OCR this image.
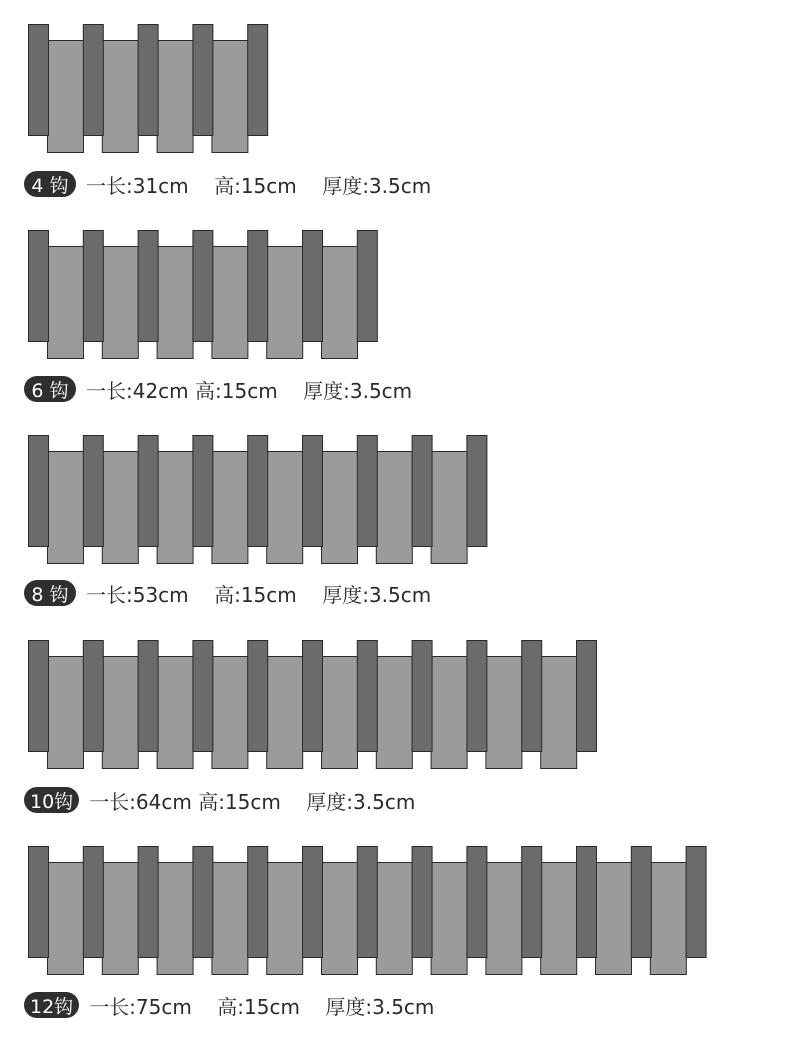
4 钩 一长:31cm    高:15cm    厚度:3.5cm
6 钩 一长:42cm 高:15cm    厚度:3.5cm
8 钩 一长:53cm    高:15cm    厚度:3.5cm
10钩 一长:64cm 高:15cm    厚度:3.5cm
12钩 一长:75cm    高:15cm    厚度:3.5cm
